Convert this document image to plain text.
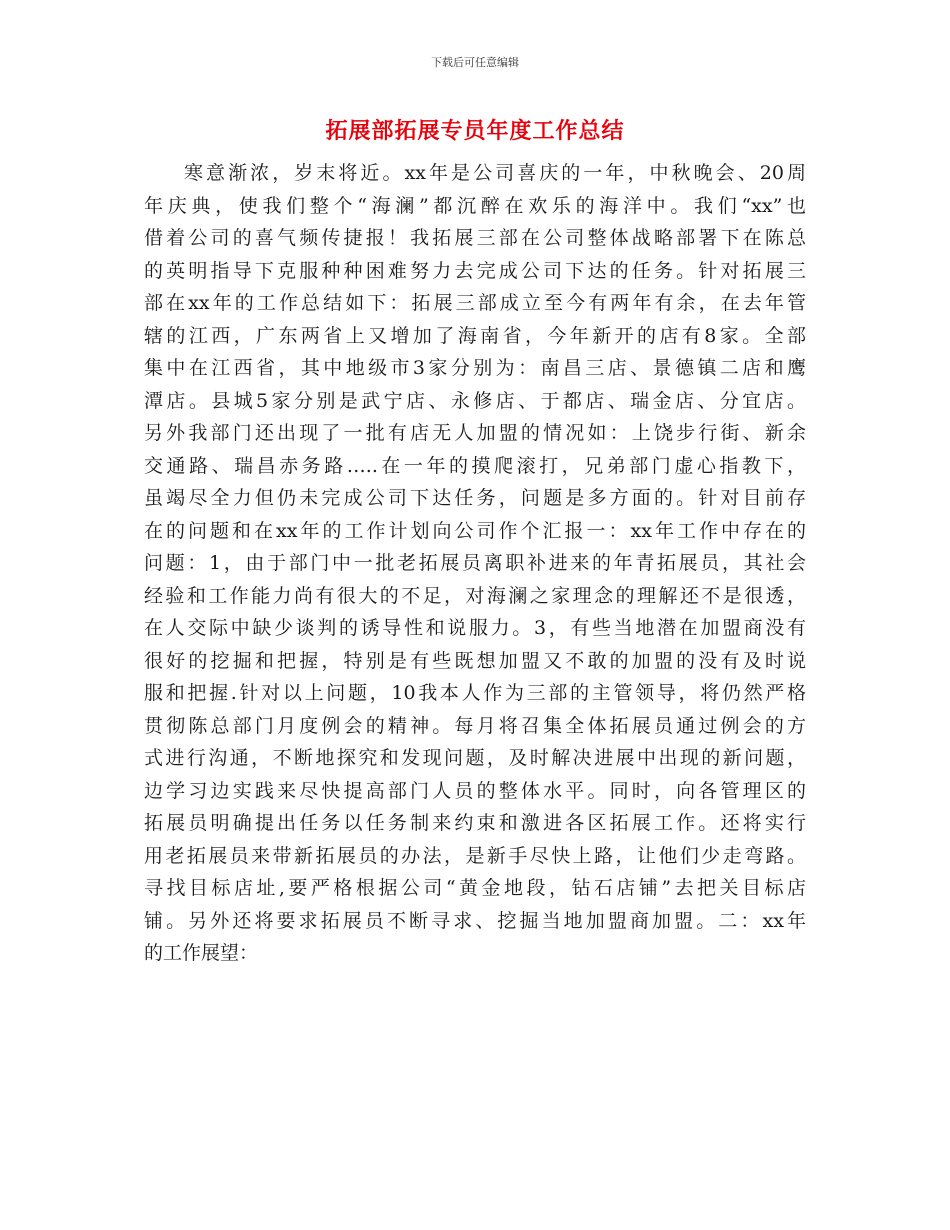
下载后可任意编辑
拓展部拓展专员年度工作总结
寒意渐浓，岁末将近。xx年是公司喜庆的一年，中秋晚会、20周
年庆典，使我们整个“海澜”都沉醉在欢乐的海洋中。我们“xx”也
借着公司的喜气频传捷报！我拓展三部在公司整体战略部署下在陈总
的英明指导下克服种种困难努力去完成公司下达的任务。针对拓展三
部在xx年的工作总结如下：拓展三部成立至今有两年有余，在去年管
辖的江西，广东两省上又增加了海南省，今年新开的店有8家。全部
集中在江西省，其中地级市3家分别为：南昌三店、景德镇二店和鹰
潭店。县城5家分别是武宁店、永修店、于都店、瑞金店、分宜店。
另外我部门还出现了一批有店无人加盟的情况如：上饶步行街、新余
交通路、瑞昌赤务路…..在一年的摸爬滚打，兄弟部门虚心指教下，
虽竭尽全力但仍未完成公司下达任务，问题是多方面的。针对目前存
在的问题和在xx年的工作计划向公司作个汇报一：xx年工作中存在的
问题：1，由于部门中一批老拓展员离职补进来的年青拓展员，其社会
经验和工作能力尚有很大的不足，对海澜之家理念的理解还不是很透，
在人交际中缺少谈判的诱导性和说服力。3，有些当地潜在加盟商没有
很好的挖掘和把握，特别是有些既想加盟又不敢的加盟的没有及时说
服和把握.针对以上问题，10我本人作为三部的主管领导，将仍然严格
贯彻陈总部门月度例会的精神。每月将召集全体拓展员通过例会的方
式进行沟通，不断地探究和发现问题，及时解决进展中出现的新问题，
边学习边实践来尽快提高部门人员的整体水平。同时，向各管理区的
拓展员明确提出任务以任务制来约束和激进各区拓展工作。还将实行
用老拓展员来带新拓展员的办法，是新手尽快上路，让他们少走弯路。
寻找目标店址,要严格根据公司“黄金地段，钻石店铺”去把关目标店
铺。另外还将要求拓展员不断寻求、挖掘当地加盟商加盟。二：xx年
的工作展望：
